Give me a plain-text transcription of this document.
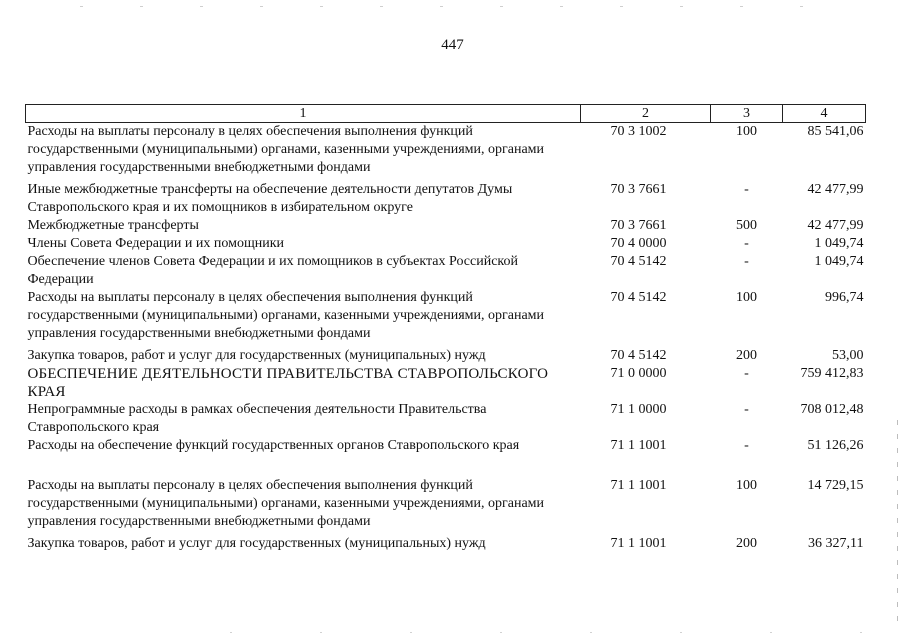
447
1	2	3	4
Расходы на выплаты персоналу в целях обеспечения выполнения функций государственными (муниципальными) органами, казенными учреждениями, органами управления государственными внебюджетными фондами	70 3 1002	100	85 541,06
Иные межбюджетные трансферты на обеспечение деятельности депутатов Думы Ставропольского края и их помощников в избирательном округе	70 3 7661	-	42 477,99
Межбюджетные трансферты	70 3 7661	500	42 477,99
Члены Совета Федерации и их помощники	70 4 0000	-	1 049,74
Обеспечение членов Совета Федерации и их помощников в субъектах Российской Федерации	70 4 5142	-	1 049,74
Расходы на выплаты персоналу в целях обеспечения выполнения функций государственными (муниципальными) органами, казенными учреждениями, органами управления государственными внебюджетными фондами	70 4 5142	100	996,74
Закупка товаров, работ и услуг для государственных (муниципальных) нужд	70 4 5142	200	53,00
ОБЕСПЕЧЕНИЕ ДЕЯТЕЛЬНОСТИ ПРАВИТЕЛЬСТВА СТАВРОПОЛЬСКОГО КРАЯ	71 0 0000	-	759 412,83
Непрограммные расходы в рамках обеспечения деятельности Правительства Ставропольского края	71 1 0000	-	708 012,48
Расходы на обеспечение функций государственных органов Ставропольского края	71 1 1001	-	51 126,26
Расходы на выплаты персоналу в целях обеспечения выполнения функций государственными (муниципальными) органами, казенными учреждениями, органами управления государственными внебюджетными фондами	71 1 1001	100	14 729,15
Закупка товаров, работ и услуг для государственных (муниципальных) нужд	71 1 1001	200	36 327,11
